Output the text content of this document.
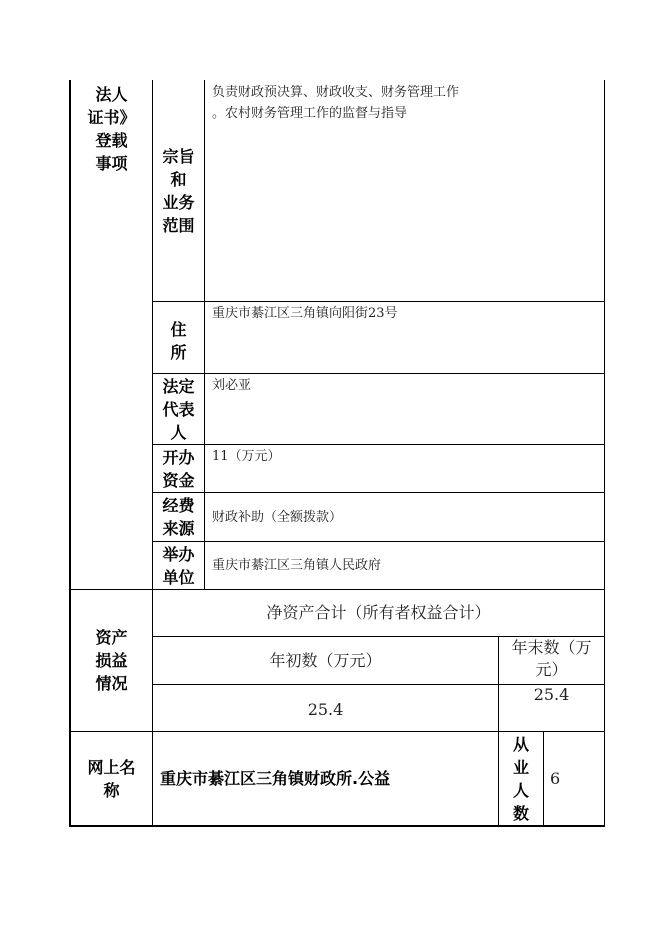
法人
证书》
登载
事项
资产
损益
情况
网上名
称
宗旨
和
业务
范围
住
所
法定
代表
人
开办
资金
经费
来源
举办
单位
负责财政预决算、财政收支、财务管理工作
。农村财务管理工作的监督与指导
重庆市綦江区三角镇向阳街23号
刘必亚
11（万元）
财政补助（全额拨款）
重庆市綦江区三角镇人民政府
净资产合计（所有者权益合计）
年初数（万元）
年末数（万
元）
25.4
25.4
重庆市綦江区三角镇财政所.公益
从
业
人
数
6
